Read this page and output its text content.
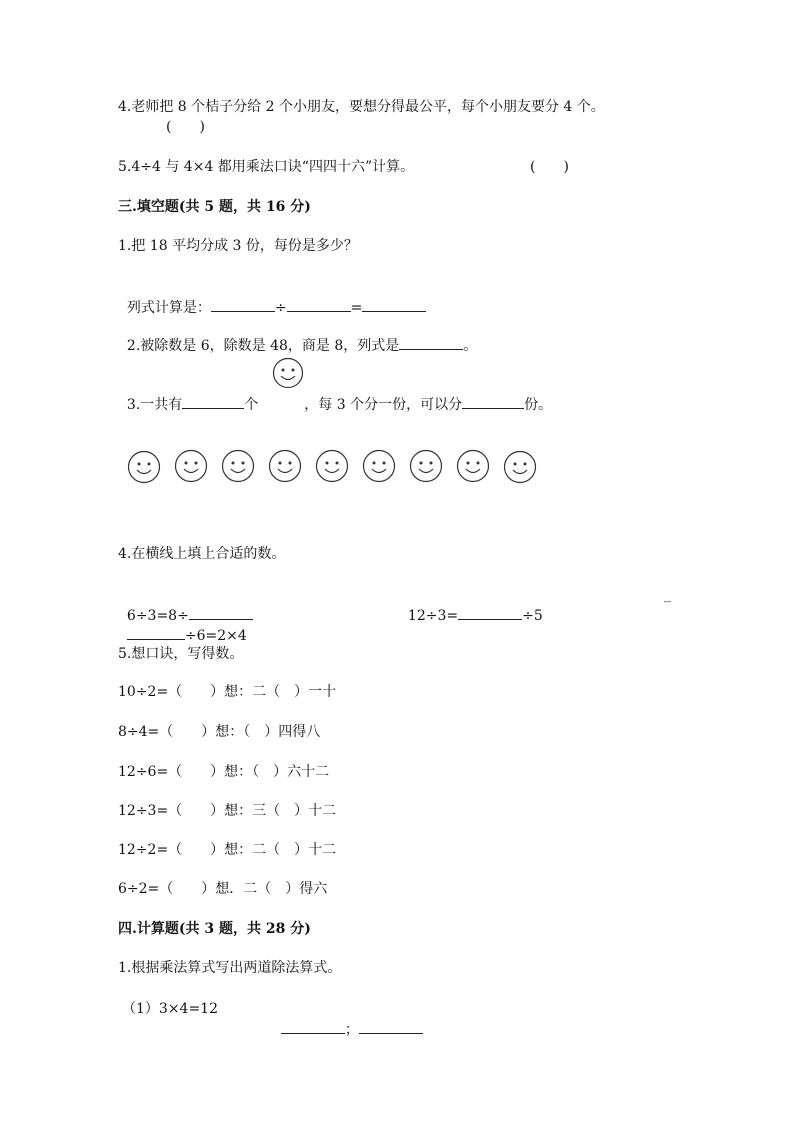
4.老师把 8 个桔子分给 2 个小朋友，要想分得最公平，每个小朋友要分 4 个。
(　　)
5.4÷4 与 4×4 都用乘法口诀“四四十六”计算。	(　　)
三.填空题(共 5 题，共 16 分)
1.把 18 平均分成 3 份，每份是多少？

列式计算是：	÷	=

2.被除数是 6，除数是 48，商是 8，列式是	。

3.一共有	个	，每 3 个分一份，可以分	份。

4.在横线上填上合适的数。

6÷3=8÷	12÷3=	÷5

_

÷6=2×4

5.想口诀，写得数。
10÷2=（　　）想：二（　）一十
8÷4=（　　）想：（　）四得八
12÷6=（　　）想：（　）六十二
12÷3=（　　）想：三（　）十二
12÷2=（　　）想：二（　）十二
6÷2=（　　）想．二（　）得六
四.计算题(共 3 题，共 28 分)
1.根据乘法算式写出两道除法算式。
（1）3×4=12

；
